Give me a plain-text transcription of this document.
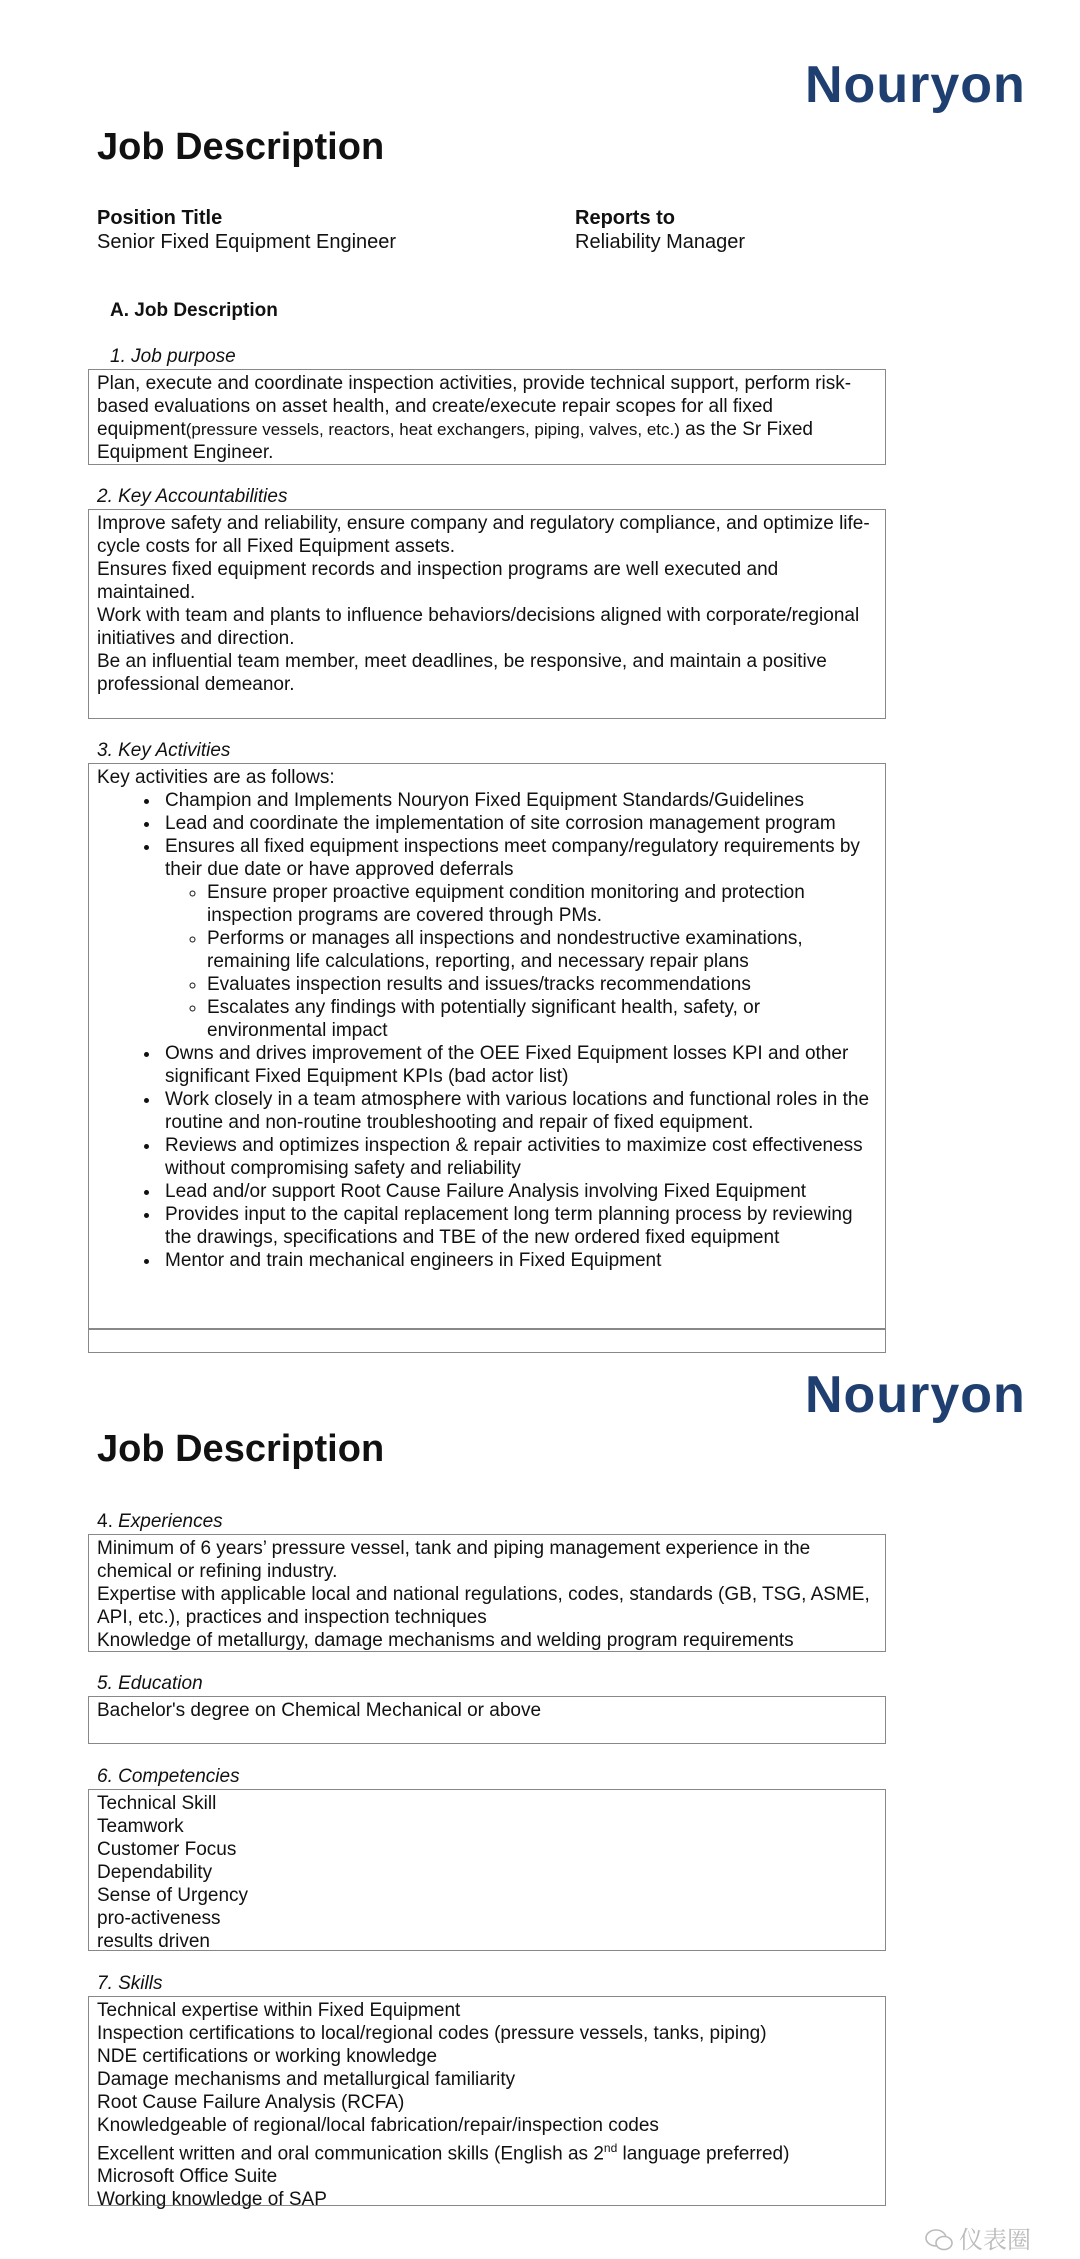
Nouryon
Job Description
Position Title
Senior Fixed Equipment Engineer
Reports to
Reliability Manager
A. Job Description
1. Job purpose

Plan, execute and coordinate inspection activities, provide technical support, perform risk-based evaluations on asset health, and create/execute repair scopes for all fixed equipment(pressure vessels, reactors, heat exchangers, piping, valves, etc.) as the Sr Fixed Equipment Engineer.

2. Key Accountabilities

Improve safety and reliability, ensure company and regulatory compliance, and optimize life-cycle costs for all Fixed Equipment assets.

Ensures fixed equipment records and inspection programs are well executed and maintained.

Work with team and plants to influence behaviors/decisions aligned with corporate/regional initiatives and direction.

Be an influential team member, meet deadlines, be responsive, and maintain a positive professional demeanor.

3. Key Activities

Key activities are as follows:

• Champion and Implements Nouryon Fixed Equipment Standards/Guidelines
• Lead and coordinate the implementation of site corrosion management program
• Ensures all fixed equipment inspections meet company/regulatory requirements by their due date or have approved deferrals
◦ Ensure proper proactive equipment condition monitoring and protection inspection programs are covered through PMs.
◦ Performs or manages all inspections and nondestructive examinations, remaining life calculations, reporting, and necessary repair plans
◦ Evaluates inspection results and issues/tracks recommendations
◦ Escalates any findings with potentially significant health, safety, or environmental impact
• Owns and drives improvement of the OEE Fixed Equipment losses KPI and other significant Fixed Equipment KPIs (bad actor list)
• Work closely in a team atmosphere with various locations and functional roles in the routine and non-routine troubleshooting and repair of fixed equipment.
• Reviews and optimizes inspection & repair activities to maximize cost effectiveness without compromising safety and reliability
• Lead and/or support Root Cause Failure Analysis involving Fixed Equipment
• Provides input to the capital replacement long term planning process by reviewing the drawings, specifications and TBE of the new ordered fixed equipment
• Mentor and train mechanical engineers in Fixed Equipment
Nouryon
Job Description
4. Experiences

Minimum of 6 years’ pressure vessel, tank and piping management experience in the chemical or refining industry.

Expertise with applicable local and national regulations, codes, standards (GB, TSG, ASME, API, etc.), practices and inspection techniques

Knowledge of metallurgy, damage mechanisms and welding program requirements

5. Education

Bachelor's degree on Chemical Mechanical or above

6. Competencies

Technical Skill

Teamwork

Customer Focus

Dependability

Sense of Urgency

pro-activeness

results driven

7. Skills

Technical expertise within Fixed Equipment

Inspection certifications to local/regional codes (pressure vessels, tanks, piping)

NDE certifications or working knowledge

Damage mechanisms and metallurgical familiarity

Root Cause Failure Analysis (RCFA)

Knowledgeable of regional/local fabrication/repair/inspection codes

Excellent written and oral communication skills (English as 2nd language preferred)

Microsoft Office Suite

Working knowledge of SAP

仪表圈
